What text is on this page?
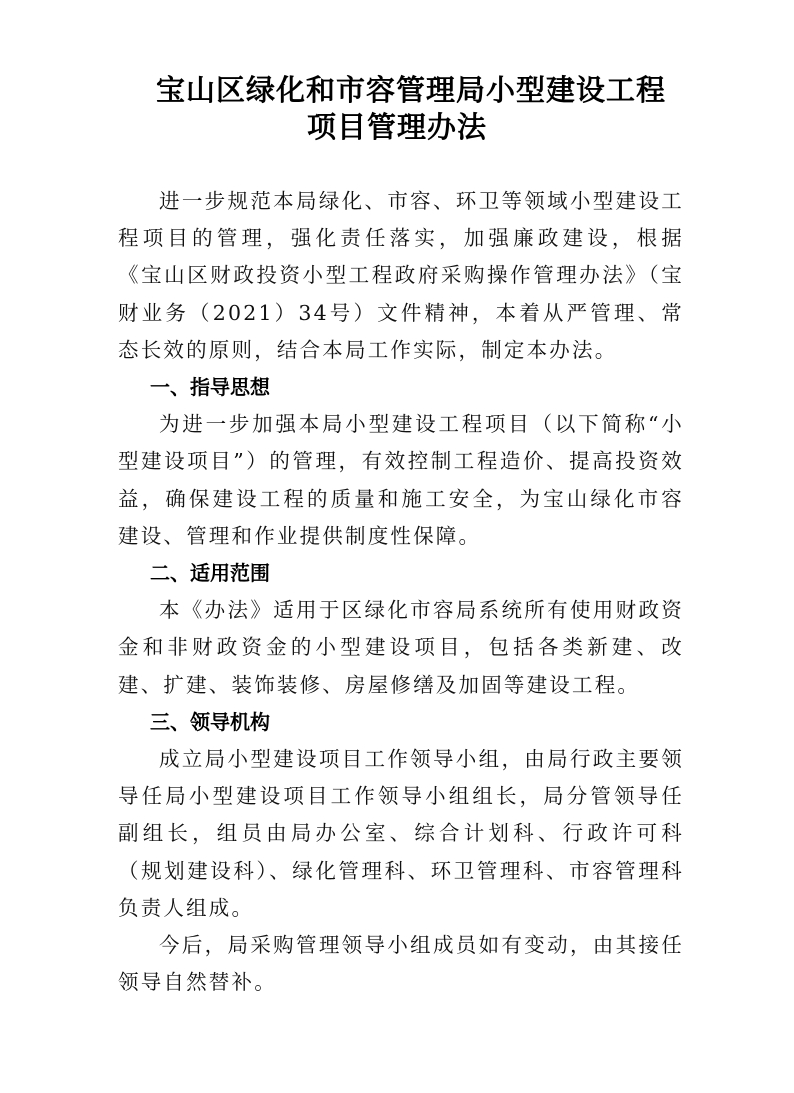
宝山区绿化和市容管理局小型建设工程
项目管理办法

进一步规范本局绿化、市容、环卫等领域小型建设工程项目的管理，强化责任落实，加强廉政建设，根据《宝山区财政投资小型工程政府采购操作管理办法》（宝财业务（2021）34号）文件精神，本着从严管理、常态长效的原则，结合本局工作实际，制定本办法。

一、指导思想

为进一步加强本局小型建设工程项目（以下简称“小型建设项目”）的管理，有效控制工程造价、提高投资效益，确保建设工程的质量和施工安全，为宝山绿化市容建设、管理和作业提供制度性保障。

二、适用范围

本《办法》适用于区绿化市容局系统所有使用财政资金和非财政资金的小型建设项目，包括各类新建、改建、扩建、装饰装修、房屋修缮及加固等建设工程。

三、领导机构

成立局小型建设项目工作领导小组，由局行政主要领导任局小型建设项目工作领导小组组长，局分管领导任副组长，组员由局办公室、综合计划科、行政许可科（规划建设科）、绿化管理科、环卫管理科、市容管理科负责人组成。

今后，局采购管理领导小组成员如有变动，由其接任领导自然替补。
